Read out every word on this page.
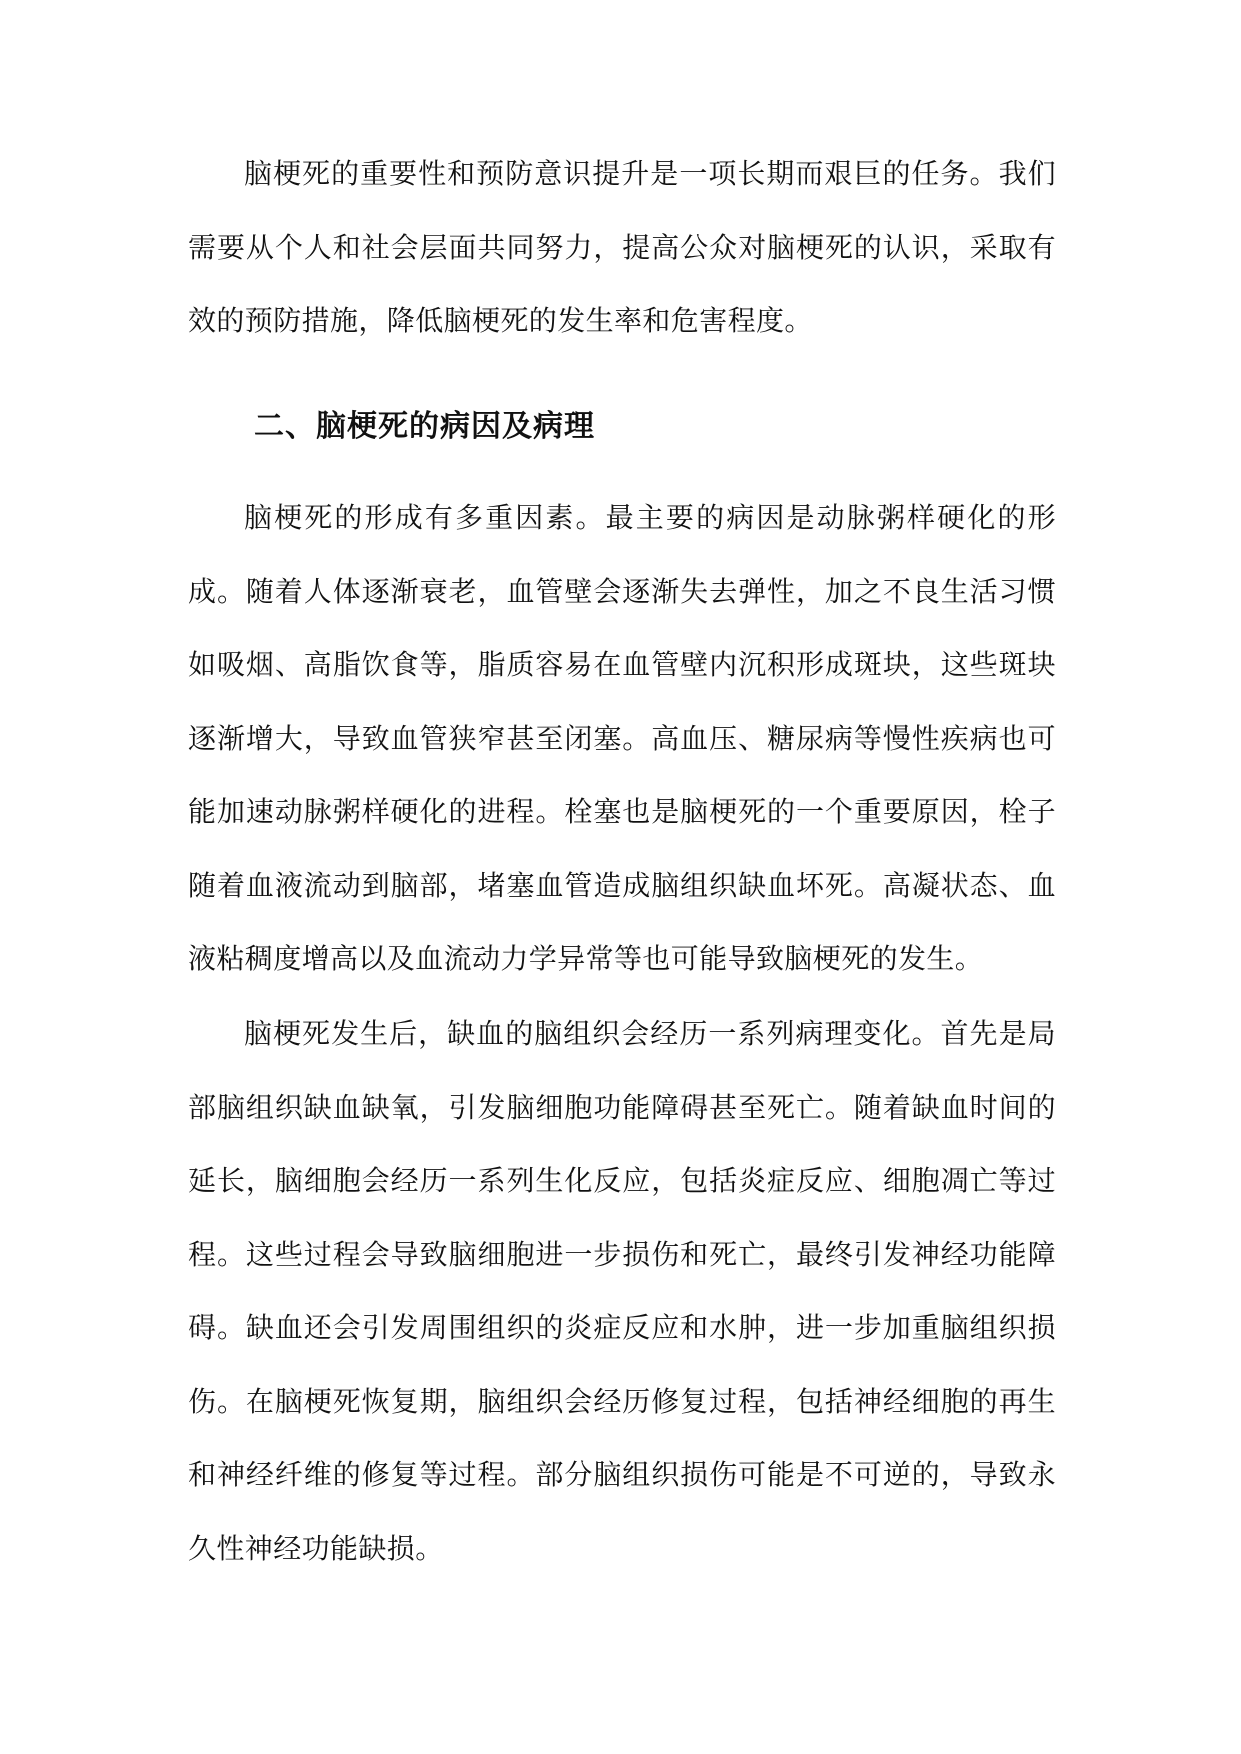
脑梗死的重要性和预防意识提升是一项长期而艰巨的任务。我们需要从个人和社会层面共同努力，提高公众对脑梗死的认识，采取有效的预防措施，降低脑梗死的发生率和危害程度。

二、脑梗死的病因及病理

脑梗死的形成有多重因素。最主要的病因是动脉粥样硬化的形成。随着人体逐渐衰老，血管壁会逐渐失去弹性，加之不良生活习惯如吸烟、高脂饮食等，脂质容易在血管壁内沉积形成斑块，这些斑块逐渐增大，导致血管狭窄甚至闭塞。高血压、糖尿病等慢性疾病也可能加速动脉粥样硬化的进程。栓塞也是脑梗死的一个重要原因，栓子随着血液流动到脑部，堵塞血管造成脑组织缺血坏死。高凝状态、血液粘稠度增高以及血流动力学异常等也可能导致脑梗死的发生。

脑梗死发生后，缺血的脑组织会经历一系列病理变化。首先是局部脑组织缺血缺氧，引发脑细胞功能障碍甚至死亡。随着缺血时间的延长，脑细胞会经历一系列生化反应，包括炎症反应、细胞凋亡等过程。这些过程会导致脑细胞进一步损伤和死亡，最终引发神经功能障碍。缺血还会引发周围组织的炎症反应和水肿，进一步加重脑组织损伤。在脑梗死恢复期，脑组织会经历修复过程，包括神经细胞的再生和神经纤维的修复等过程。部分脑组织损伤可能是不可逆的，导致永久性神经功能缺损。
